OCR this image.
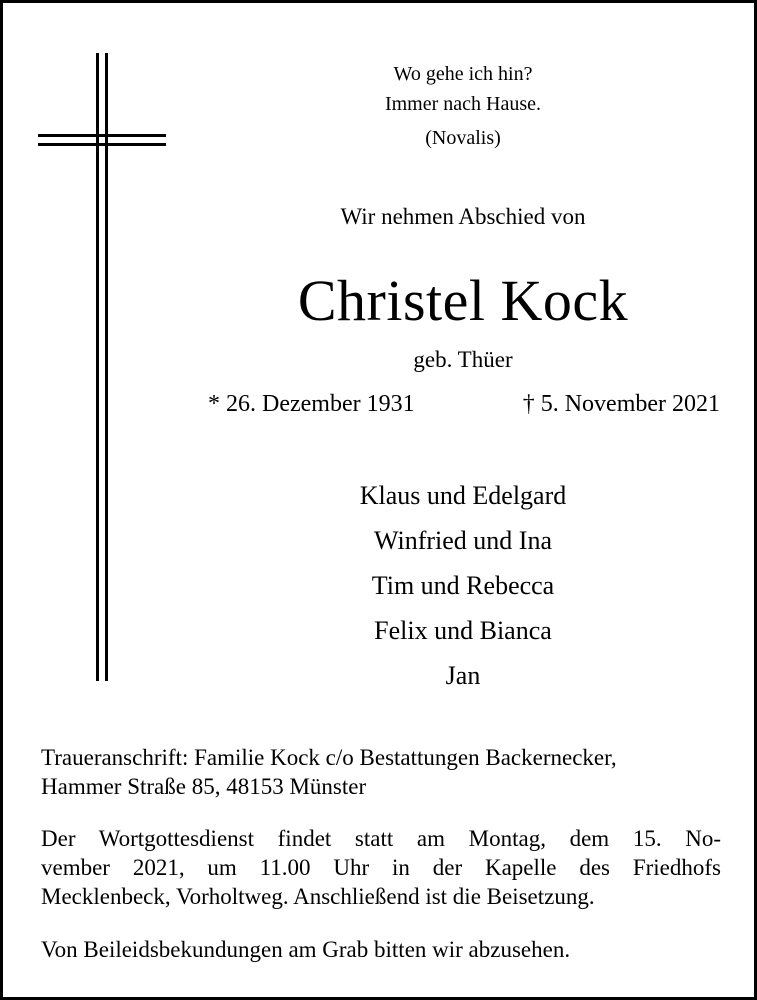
Wo gehe ich hin?
Immer nach Hause.
(Novalis)
Wir nehmen Abschied von
Christel Kock
geb. Thüer
* 26. Dezember 1931	† 5. November 2021
Klaus und Edelgard
Winfried und Ina
Tim und Rebecca
Felix und Bianca
Jan
Traueranschrift: Familie Kock c/o Bestattungen Backernecker,
Hammer Straße 85, 48153 Münster
Der Wortgottesdienst findet statt am Montag, dem 15. No-
vember 2021, um 11.00 Uhr in der Kapelle des Friedhofs
Mecklenbeck, Vorholtweg. Anschließend ist die Beisetzung.
Von Beileidsbekundungen am Grab bitten wir abzusehen.
